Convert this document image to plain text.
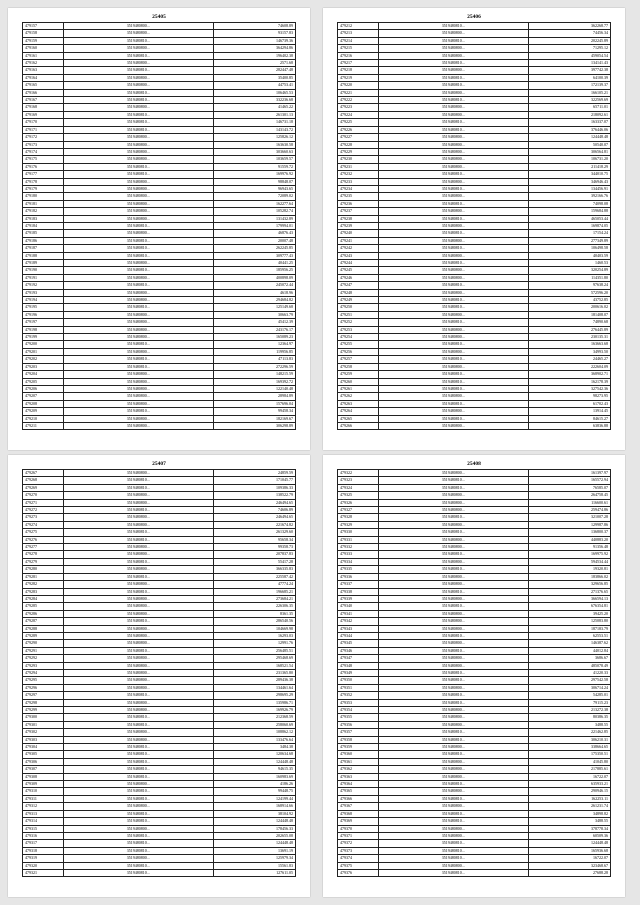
25405
479157	3519480800...	74608.89
479158	3519480800...	93157.83
479159	3519480810...	146739.36
479160	3519480800...	364294.86
479161	3519480810...	196402.38
479162	3519480800...	2571.68
479163	3519480810...	282447.48
479164	3519480800...	35400.85
479165	3519480800...	44753.41
479166	3519480810...	106465.53
479167	3519480810...	332236.68
479168	3519480800...	41465.22
479169	3519480810...	261301.13
479170	3519480810...	146731.18
479171	3519480810...	143143.72
479172	3519480800...	125826.12
479173	3519480800...	163630.58
479174	3519480800...	303660.63
479175	3519480800...	103659.57
479176	3519480810...	91559.72
479177	3519480810...	169976.92
479178	3519480800...	98848.07
479179	3519480800...	96943.65
479180	3519480800...	72089.02
479181	3519480800...	162277.64
479182	3519480800...	105282.74
479183	3519480800...	131432.89
479184	3519480810...	179994.01
479185	3519480800...	46876.43
479186	3519480810...	20007.48
479187	3519480810...	262245.85
479188	3519480810...	309777.43
479189	3519480800...	40441.25
479190	3519480810...	185956.25
479191	3519480800...	400898.09
479192	3519480810...	245072.44
479193	3519480800...	4618.96
479194	3519480800...	294684.82
479195	3519480810...	125149.68
479196	3519480800...	30663.79
479197	3519480800...	45412.39
479198	3519480800...	243176.17
479199	3519480800...	165089.23
479200	3519480810...	12364.97
479201	3519480800...	119956.85
479202	3519480810...	47113.83
479203	3519480810...	272296.59
479204	3519480800...	148215.59
479205	3519480800...	169392.72
479206	3519480800...	122140.48
479207	3519480800...	28984.89
479208	3519480800...	157696.04
479209	3519480810...	99458.34
479210	3519480800...	182169.67
479211	3519480800...	306298.89
25406
479212	3519480810...	362268.77
479213	3519480800...	74456.34
479214	3519480810...	202245.89
479215	3519480800...	71295.12
479216	3519480800...	459054.54
479217	3519480810...	134141.43
479218	3519480800...	397742.38
479219	3519480810...	64100.39
479220	3519480810...	172139.37
479221	3519480800...	166105.21
479222	3519480810...	322569.69
479223	3519480800...	65711.01
479224	3519480800...	218092.61
479225	3519480810...	163337.07
479226	3519480810...	376446.06
479227	3519480800...	124448.48
479228	3519480800...	50540.07
479229	3519480800...	306564.81
479230	3519480800...	106731.20
479231	3519480800...	211418.29
479232	3519480810...	344010.75
479233	3519480800...	346946.43
479234	3519480810...	134456.91
479235	3519480800...	392166.76
479236	3519480810...	74098.08
479237	3519480800...	159684.88
479238	3519480810...	465053.44
479239	3519480800...	169874.05
479240	3519480810...	17154.24
479241	3519480800...	277349.89
479242	3519480810...	106498.58
479243	3519480800...	40403.59
479244	3519480810...	1460.53
479245	3519480800...	320254.89
479246	3519480800...	114351.80
479247	3519480810...	97638.24
479248	3519480800...	572596.20
479249	3519480810...	43752.85
479250	3519480810...	200616.02
479251	3519480800...	181408.07
479252	3519480810...	74890.68
479253	3519480800...	276445.89
479254	3519480800...	230135.31
479255	3519480810...	163663.68
479256	3519480800...	34993.50
479257	3519480810...	24465.27
479258	3519480800...	222604.09
479259	3519480810...	368902.71
479260	3519480810...	162178.39
479261	3519480810...	327542.36
479262	3519480800...	98273.95
479263	3519480810...	61702.43
479264	3519480800...	13914.45
479265	3519480810...	84615.27
479266	3519480800...	63836.88
25407
479267	3519480800...	24859.59
479268	3519480810...	171045.77
479269	3519480810...	109386.33
479270	3519480800...	138522.79
479271	3519480800...	246494.65
479272	3519480810...	74606.89
479273	3519480800...	246494.65
479274	3519480800...	221674.82
479275	3519480810...	261329.60
479276	3519480810...	95658.34
479277	3519480800...	99358.73
479278	3519480800...	207837.83
479279	3519480810...	55417.28
479280	3519480800...	366335.83
479281	3519480810...	225587.42
479282	3519480800...	47774.24
479283	3519480810...	196685.21
479284	3519480800...	273684.21
479285	3519480800...	226306.35
479286	3519480800...	8361.35
479287	3519480810...	286540.56
479288	3519480800...	104669.98
479289	3519480800...	16293.03
479290	3519480800...	12991.76
479291	3519480810...	256485.51
479292	3519480800...	295468.69
479293	3519480800...	168521.54
479294	3519480800...	231365.80
479295	3519480800...	289436.38
479296	3519480800...	134461.64
479297	3519480810...	298695.29
479298	3519480800...	135986.71
479299	3519480800...	169926.79
479300	3519480810...	212368.59
479301	3519480810...	258060.69
479302	3519480800...	108862.12
479303	3519480800...	133476.64
479304	3519480810...	3484.38
479305	3519480810...	120634.68
479306	3519480810...	124448.48
479307	3519480810...	94615.35
479308	3519480810...	160983.69
479309	3519480800...	4186.26
479310	3519480810...	99448.75
479311	3519480810...	124199.44
479312	3519480800...	168914.66
479313	3519480810...	38104.92
479314	3519480810...	124448.48
479315	3519480800...	178456.33
479316	3519480810...	202655.08
479317	3519480810...	124448.48
479318	3519480810...	13691.19
479319	3519480800...	125979.34
479320	3519480810...	15561.83
479321	3519480810...	127611.05
25408
479322	3519480800...	161397.97
479323	3519480810...	165572.94
479324	3519480810...	76585.07
479325	3519480800...	264758.45
479326	3519480800...	116600.61
479327	3519480800...	259474.86
479328	3519480810...	321007.28
479329	3519480800...	129987.86
479330	3519480810...	136800.37
479331	3519480800...	440883.20
479332	3519480800...	91356.48
479333	3519480810...	169975.92
479334	3519480800...	594534.44
479335	3519480810...	19320.81
479336	3519480800...	183866.02
479337	3519480800...	329656.85
479338	3519480810...	271376.65
479339	3519480800...	366594.13
479340	3519480810...	676354.81
479341	3519480800...	39425.20
479342	3519480800...	125083.80
479343	3519480800...	187183.79
479344	3519480810...	62553.51
479345	3519480800...	146387.62
479346	3519480810...	44012.84
479347	3519480800...	3686.67
479348	3519480800...	485078.49
479349	3519480810...	41220.33
479350	3519480810...	297542.58
479351	3519480800...	306714.24
479352	3519480810...	54285.01
479353	3519480810...	79115.23
479354	3519480800...	213272.38
479355	3519480800...	80386.35
479356	3519480800...	3488.55
479357	3519480810...	221462.85
479358	3519480810...	306210.31
479359	3519480800...	338664.65
479360	3519480810...	175350.51
479361	3519480800...	41045.80
479362	3519480800...	217885.61
479363	3519480800...	16722.07
479364	3519480810...	635933.21
479365	3519480800...	290946.15
479366	3519480810...	162253.11
479367	3519480800...	261231.74
479368	3519480810...	34898.82
479369	3519480810...	3488.55
479370	3519480800...	378778.34
479371	3519480800...	60509.36
479372	3519480810...	124448.48
479373	3519480810...	165936.68
479374	3519480810...	16722.07
479375	3519480800...	323468.67
479376	3519480810...	27688.28
